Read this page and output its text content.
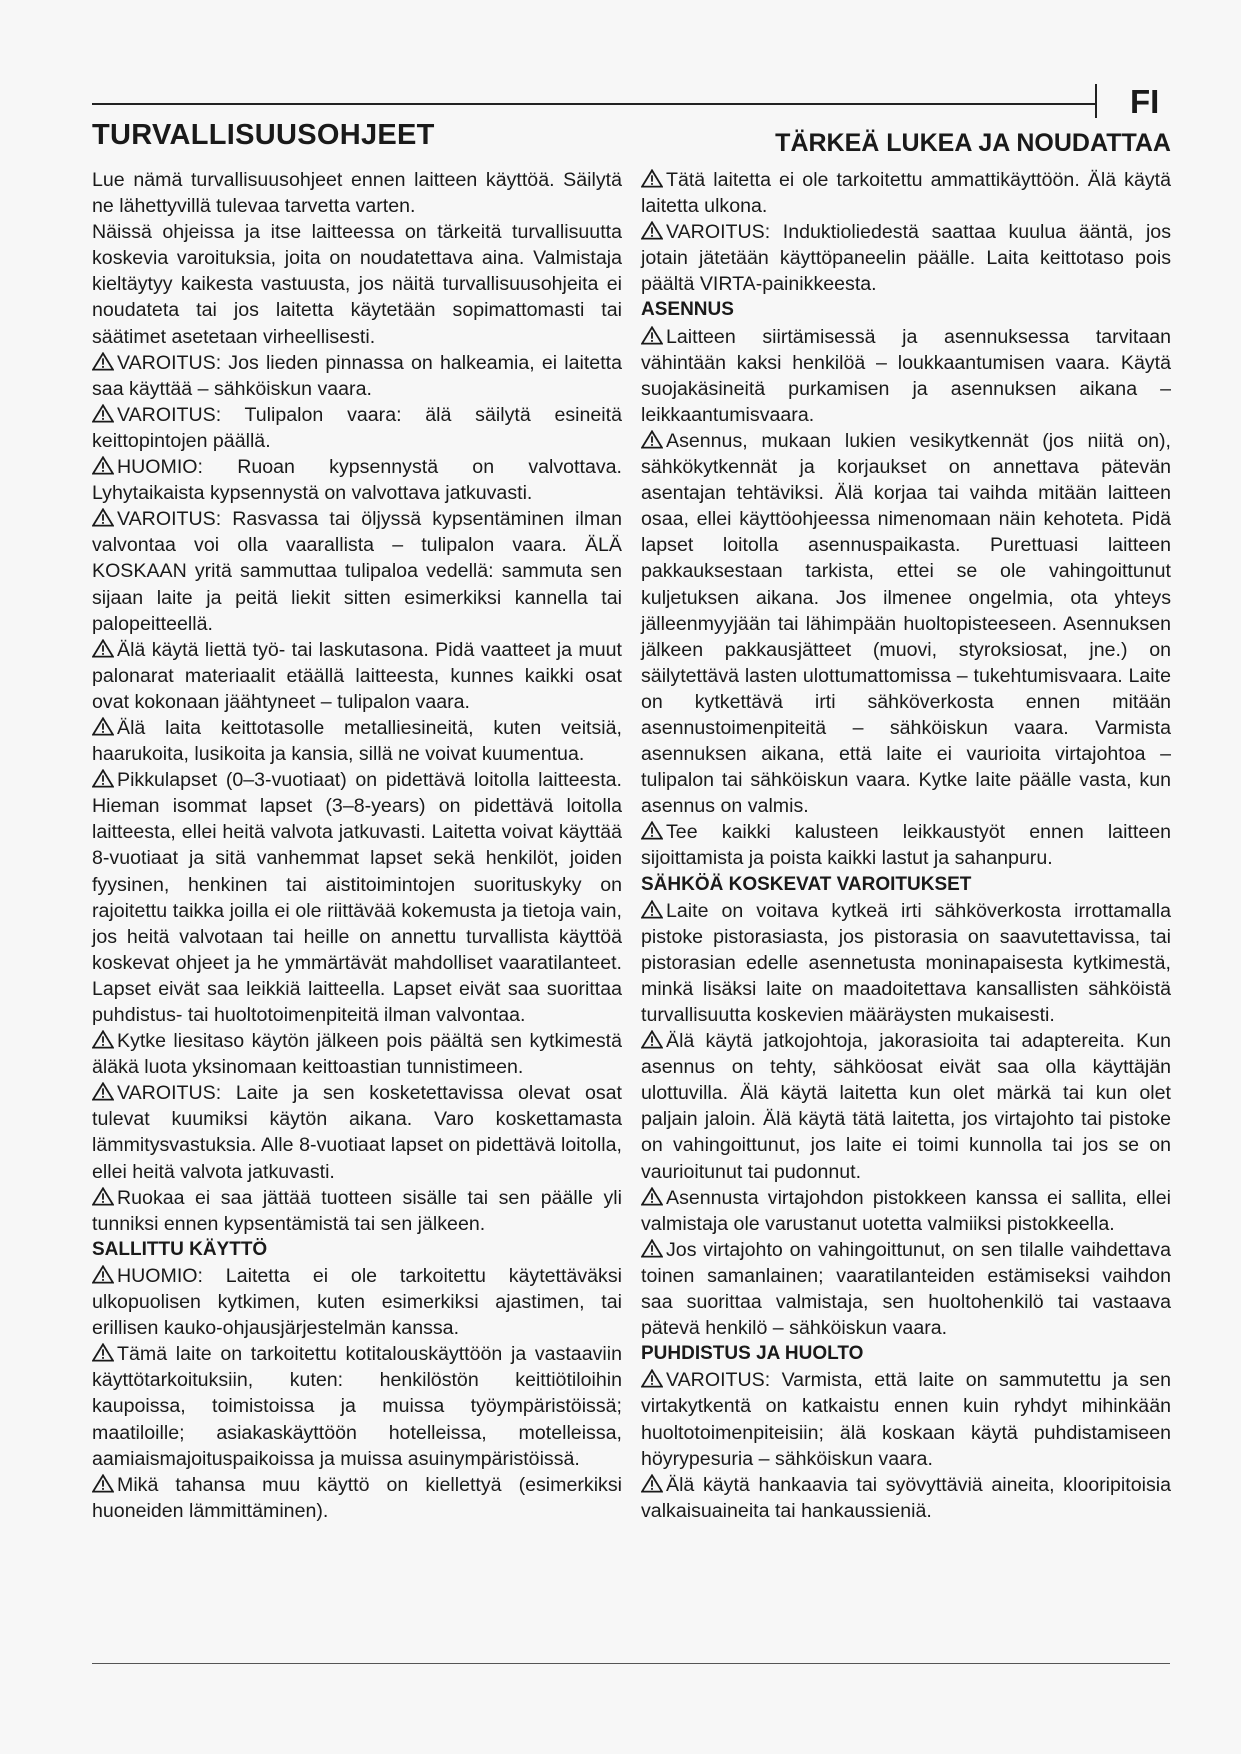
FI
TURVALLISUUSOHJEET	TÄRKEÄ LUKEA JA NOUDATTAA

Lue nämä turvallisuusohjeet ennen laitteen käyttöä. Säilytä ne lähettyvillä tulevaa tarvetta varten.

Näissä ohjeissa ja itse laitteessa on tärkeitä turvallisuutta koskevia varoituksia, joita on noudatettava aina. Valmistaja kieltäytyy kaikesta vastuusta, jos näitä turvallisuusohjeita ei noudateta tai jos laitetta käytetään sopimattomasti tai säätimet asetetaan virheellisesti.

VAROITUS: Jos lieden pinnassa on halkeamia, ei laitetta saa käyttää – sähköiskun vaara.

VAROITUS: Tulipalon vaara: älä säilytä esineitä keittopintojen päällä.

HUOMIO: Ruoan kypsennystä on valvottava. Lyhytaikaista kypsennystä on valvottava jatkuvasti.

VAROITUS: Rasvassa tai öljyssä kypsentäminen ilman valvontaa voi olla vaarallista – tulipalon vaara. ÄLÄ KOSKAAN yritä sammuttaa tulipaloa vedellä: sammuta sen sijaan laite ja peitä liekit sitten esimerkiksi kannella tai palopeitteellä.

Älä käytä liettä työ- tai laskutasona. Pidä vaatteet ja muut palonarat materiaalit etäällä laitteesta, kunnes kaikki osat ovat kokonaan jäähtyneet – tulipalon vaara.

Älä laita keittotasolle metalliesineitä, kuten veitsiä, haarukoita, lusikoita ja kansia, sillä ne voivat kuumentua.

Pikkulapset (0–3-vuotiaat) on pidettävä loitolla laitteesta. Hieman isommat lapset (3–8-years) on pidettävä loitolla laitteesta, ellei heitä valvota jatkuvasti. Laitetta voivat käyttää 8-vuotiaat ja sitä vanhemmat lapset sekä henkilöt, joiden fyysinen, henkinen tai aistitoimintojen suorituskyky on rajoitettu taikka joilla ei ole riittävää kokemusta ja tietoja vain, jos heitä valvotaan tai heille on annettu turvallista käyttöä koskevat ohjeet ja he ymmärtävät mahdolliset vaaratilanteet. Lapset eivät saa leikkiä laitteella. Lapset eivät saa suorittaa puhdistus- tai huoltotoimenpiteitä ilman valvontaa.

Kytke liesitaso käytön jälkeen pois päältä sen kytkimestä äläkä luota yksinomaan keittoastian tunnistimeen.

VAROITUS: Laite ja sen kosketettavissa olevat osat tulevat kuumiksi käytön aikana. Varo koskettamasta lämmitysvastuksia. Alle 8-vuotiaat lapset on pidettävä loitolla, ellei heitä valvota jatkuvasti.

Ruokaa ei saa jättää tuotteen sisälle tai sen päälle yli tunniksi ennen kypsentämistä tai sen jälkeen.

SALLITTU KÄYTTÖ

HUOMIO: Laitetta ei ole tarkoitettu käytettäväksi ulkopuolisen kytkimen, kuten esimerkiksi ajastimen, tai erillisen kauko-ohjausjärjestelmän kanssa.

Tämä laite on tarkoitettu kotitalouskäyttöön ja vastaaviin käyttötarkoituksiin, kuten: henkilöstön keittiötiloihin kaupoissa, toimistoissa ja muissa työympäristöissä; maatiloille; asiakaskäyttöön hotelleissa, motelleissa, aamiaismajoituspaikoissa ja muissa asuinympäristöissä.

Mikä tahansa muu käyttö on kiellettyä (esimerkiksi huoneiden lämmittäminen).

Tätä laitetta ei ole tarkoitettu ammattikäyttöön. Älä käytä laitetta ulkona.

VAROITUS: Induktioliedestä saattaa kuulua ääntä, jos jotain jätetään käyttöpaneelin päälle. Laita keittotaso pois päältä VIRTA-painikkeesta.

ASENNUS

Laitteen siirtämisessä ja asennuksessa tarvitaan vähintään kaksi henkilöä – loukkaantumisen vaara. Käytä suojakäsineitä purkamisen ja asennuksen aikana – leikkaantumisvaara.

Asennus, mukaan lukien vesikytkennät (jos niitä on), sähkökytkennät ja korjaukset on annettava pätevän asentajan tehtäviksi. Älä korjaa tai vaihda mitään laitteen osaa, ellei käyttöohjeessa nimenomaan näin kehoteta. Pidä lapset loitolla asennuspaikasta. Purettuasi laitteen pakkauksestaan tarkista, ettei se ole vahingoittunut kuljetuksen aikana. Jos ilmenee ongelmia, ota yhteys jälleenmyyjään tai lähimpään huoltopisteeseen. Asennuksen jälkeen pakkausjätteet (muovi, styroksiosat, jne.) on säilytettävä lasten ulottumattomissa – tukehtumisvaara. Laite on kytkettävä irti sähköverkosta ennen mitään asennustoimenpiteitä – sähköiskun vaara. Varmista asennuksen aikana, että laite ei vaurioita virtajohtoa – tulipalon tai sähköiskun vaara. Kytke laite päälle vasta, kun asennus on valmis.

Tee kaikki kalusteen leikkaustyöt ennen laitteen sijoittamista ja poista kaikki lastut ja sahanpuru.

SÄHKÖÄ KOSKEVAT VAROITUKSET

Laite on voitava kytkeä irti sähköverkosta irrottamalla pistoke pistorasiasta, jos pistorasia on saavutettavissa, tai pistorasian edelle asennetusta moninapaisesta kytkimestä, minkä lisäksi laite on maadoitettava kansallisten sähköistä turvallisuutta koskevien määräysten mukaisesti.

Älä käytä jatkojohtoja, jakorasioita tai adaptereita. Kun asennus on tehty, sähköosat eivät saa olla käyttäjän ulottuvilla. Älä käytä laitetta kun olet märkä tai kun olet paljain jaloin. Älä käytä tätä laitetta, jos virtajohto tai pistoke on vahingoittunut, jos laite ei toimi kunnolla tai jos se on vaurioitunut tai pudonnut.

Asennusta virtajohdon pistokkeen kanssa ei sallita, ellei valmistaja ole varustanut uotetta valmiiksi pistokkeella.

Jos virtajohto on vahingoittunut, on sen tilalle vaihdettava toinen samanlainen; vaaratilanteiden estämiseksi vaihdon saa suorittaa valmistaja, sen huoltohenkilö tai vastaava pätevä henkilö – sähköiskun vaara.

PUHDISTUS JA HUOLTO

VAROITUS: Varmista, että laite on sammutettu ja sen virtakytkentä on katkaistu ennen kuin ryhdyt mihinkään huoltotoimenpiteisiin; älä koskaan käytä puhdistamiseen höyrypesuria – sähköiskun vaara.

Älä käytä hankaavia tai syövyttäviä aineita, klooripitoisia valkaisuaineita tai hankaussieniä.
